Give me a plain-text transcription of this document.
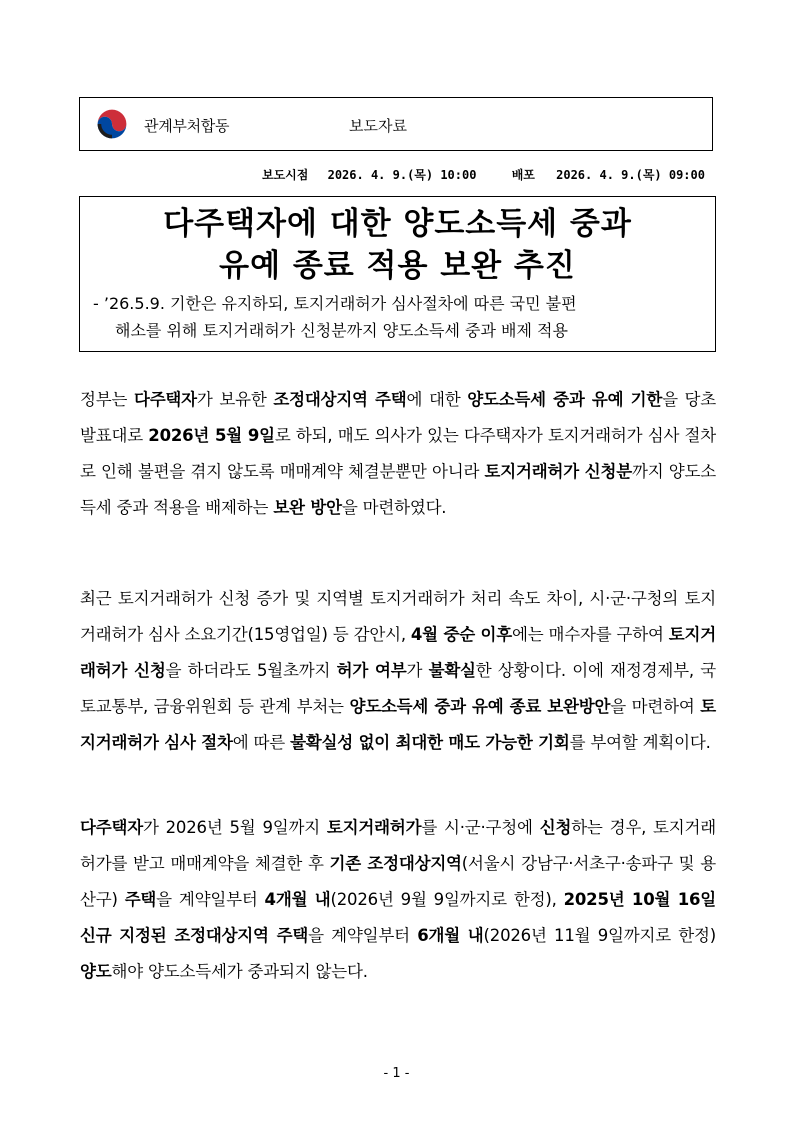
관계부처합동	보도자료
보도시점 2026. 4. 9.(목) 10:00	배포 2026. 4. 9.(목) 09:00
다주택자에 대한 양도소득세 중과
유예 종료 적용 보완 추진
- ’26.5.9. 기한은 유지하되, 토지거래허가 심사절차에 따른 국민 불편
해소를 위해 토지거래허가 신청분까지 양도소득세 중과 배제 적용
정부는 다주택자가 보유한 조정대상지역 주택에 대한 양도소득세 중과 유예 기한을 당초 발표대로 2026년 5월 9일로 하되, 매도 의사가 있는 다주택자가 토지거래허가 심사 절차로 인해 불편을 겪지 않도록 매매계약 체결분뿐만 아니라 토지거래허가 신청분까지 양도소득세 중과 적용을 배제하는 보완 방안을 마련하였다.
최근 토지거래허가 신청 증가 및 지역별 토지거래허가 처리 속도 차이, 시·군·구청의 토지거래허가 심사 소요기간(15영업일) 등 감안시, 4월 중순 이후에는 매수자를 구하여 토지거래허가 신청을 하더라도 5월초까지 허가 여부가 불확실한 상황이다. 이에 재정경제부, 국토교통부, 금융위원회 등 관계 부처는 양도소득세 중과 유예 종료 보완방안을 마련하여 토지거래허가 심사 절차에 따른 불확실성 없이 최대한 매도 가능한 기회를 부여할 계획이다.
다주택자가 2026년 5월 9일까지 토지거래허가를 시·군·구청에 신청하는 경우, 토지거래허가를 받고 매매계약을 체결한 후 기존 조정대상지역(서울시 강남구·서초구·송파구 및 용산구) 주택을 계약일부터 4개월 내(2026년 9월 9일까지로 한정), 2025년 10월 16일 신규 지정된 조정대상지역 주택을 계약일부터 6개월 내(2026년 11월 9일까지로 한정) 양도해야 양도소득세가 중과되지 않는다.
- 1 -
